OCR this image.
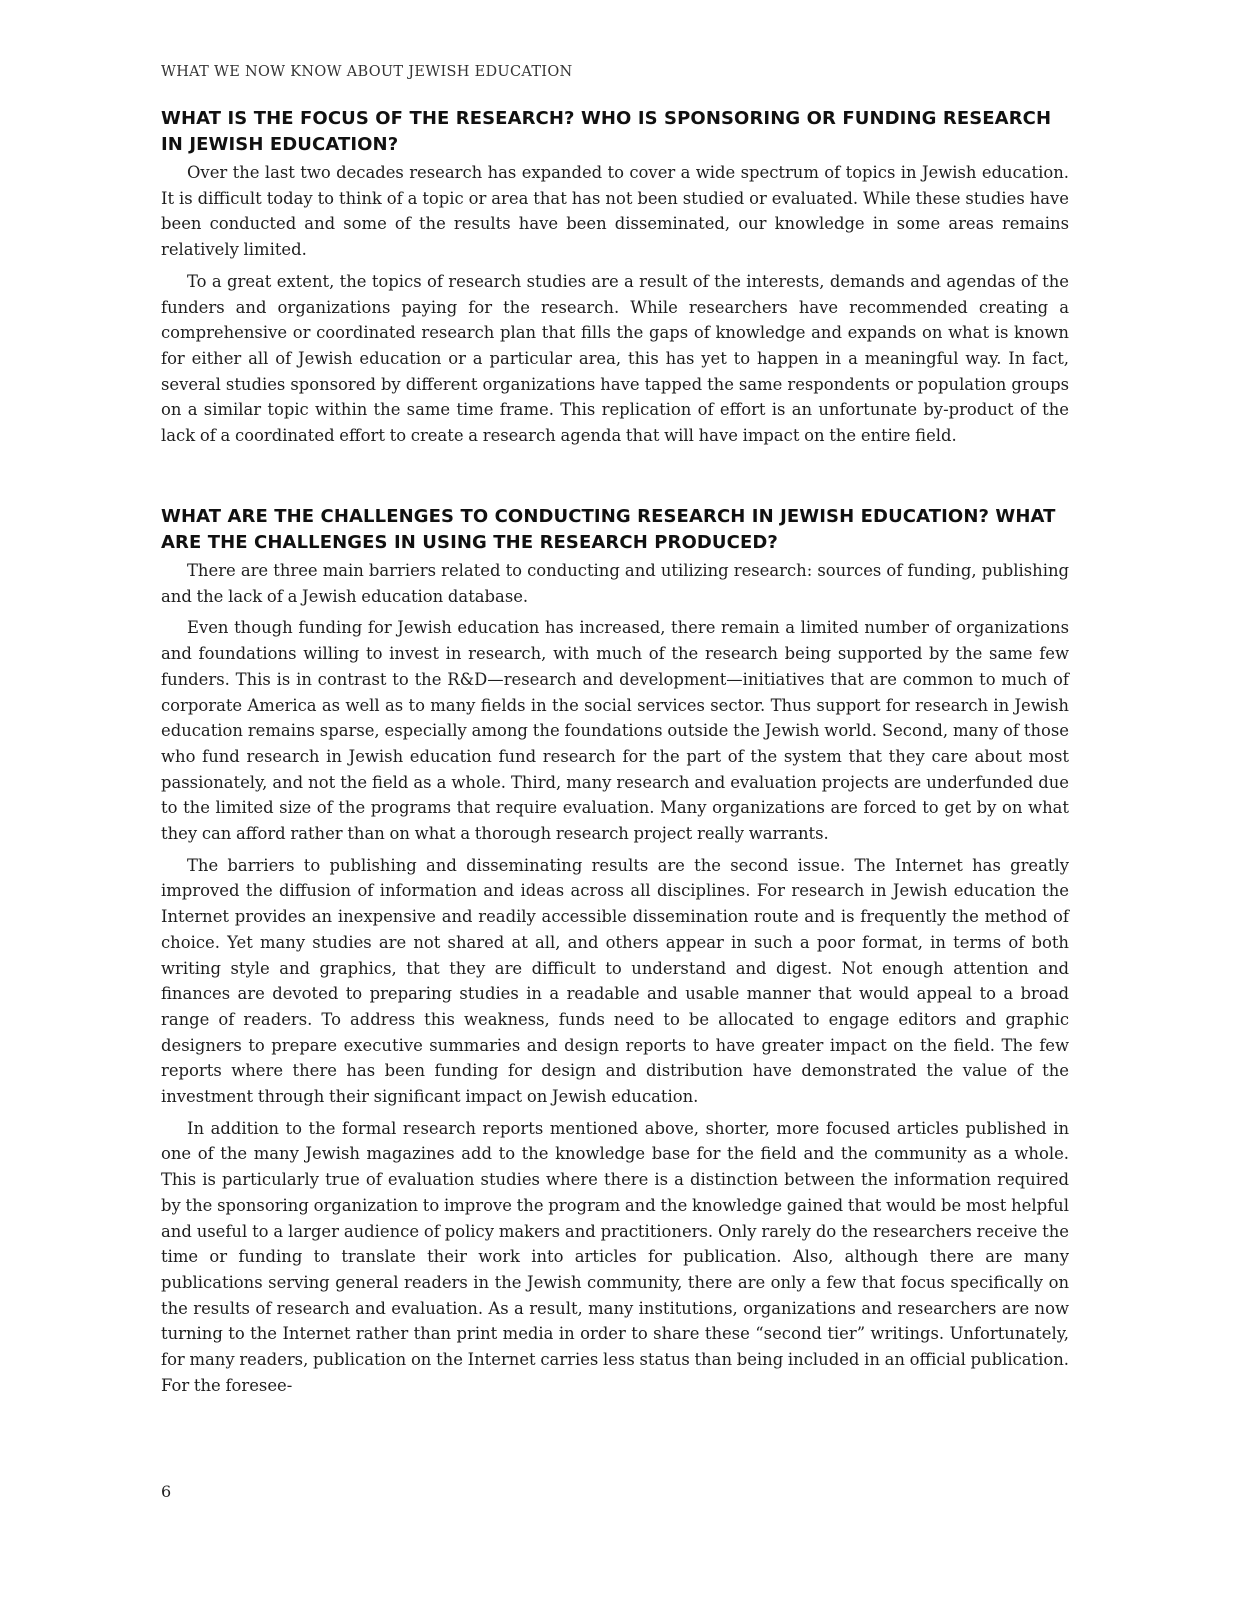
WHAT WE NOW KNOW ABOUT JEWISH EDUCATION
WHAT IS THE FOCUS OF THE RESEARCH? WHO IS SPONSORING OR FUNDING RESEARCH IN JEWISH EDUCATION?

Over the last two decades research has expanded to cover a wide spectrum of topics in Jewish education. It is difficult today to think of a topic or area that has not been studied or evaluated. While these studies have been conducted and some of the results have been disseminated, our knowledge in some areas remains relatively limited.

To a great extent, the topics of research studies are a result of the interests, demands and agendas of the funders and organizations paying for the research. While researchers have recommended creating a comprehensive or coordinated research plan that fills the gaps of knowledge and expands on what is known for either all of Jewish education or a particular area, this has yet to happen in a meaningful way. In fact, several studies sponsored by different organizations have tapped the same respondents or population groups on a similar topic within the same time frame. This replication of effort is an unfortunate by-product of the lack of a coordinated effort to create a research agenda that will have impact on the entire field.

WHAT ARE THE CHALLENGES TO CONDUCTING RESEARCH IN JEWISH EDUCATION? WHAT ARE THE CHALLENGES IN USING THE RESEARCH PRODUCED?

There are three main barriers related to conducting and utilizing research: sources of funding, publishing and the lack of a Jewish education database.

Even though funding for Jewish education has increased, there remain a limited number of organizations and foundations willing to invest in research, with much of the research being supported by the same few funders. This is in contrast to the R&D—research and development—initiatives that are common to much of corporate America as well as to many fields in the social services sector. Thus support for research in Jewish education remains sparse, especially among the foundations outside the Jewish world. Second, many of those who fund research in Jewish education fund research for the part of the system that they care about most passionately, and not the field as a whole. Third, many research and evaluation projects are underfunded due to the limited size of the programs that require evaluation. Many organizations are forced to get by on what they can afford rather than on what a thorough research project really warrants.

The barriers to publishing and disseminating results are the second issue. The Internet has greatly improved the diffusion of information and ideas across all disciplines. For research in Jewish education the Internet provides an inexpensive and readily accessible dissemination route and is frequently the method of choice. Yet many studies are not shared at all, and others appear in such a poor format, in terms of both writing style and graphics, that they are difficult to understand and digest. Not enough attention and finances are devoted to preparing studies in a readable and usable manner that would appeal to a broad range of readers. To address this weakness, funds need to be allocated to engage editors and graphic designers to prepare executive summaries and design reports to have greater impact on the field. The few reports where there has been funding for design and distribution have demonstrated the value of the investment through their significant impact on Jewish education.

In addition to the formal research reports mentioned above, shorter, more focused articles published in one of the many Jewish magazines add to the knowledge base for the field and the community as a whole. This is particularly true of evaluation studies where there is a distinction between the information required by the sponsoring organization to improve the program and the knowledge gained that would be most helpful and useful to a larger audience of policy makers and practitioners. Only rarely do the researchers receive the time or funding to translate their work into articles for publication. Also, although there are many publications serving general readers in the Jewish community, there are only a few that focus specifically on the results of research and evaluation. As a result, many institutions, organizations and researchers are now turning to the Internet rather than print media in order to share these “second tier” writings. Unfortunately, for many readers, publication on the Internet carries less status than being included in an official publication. For the foresee-

6
